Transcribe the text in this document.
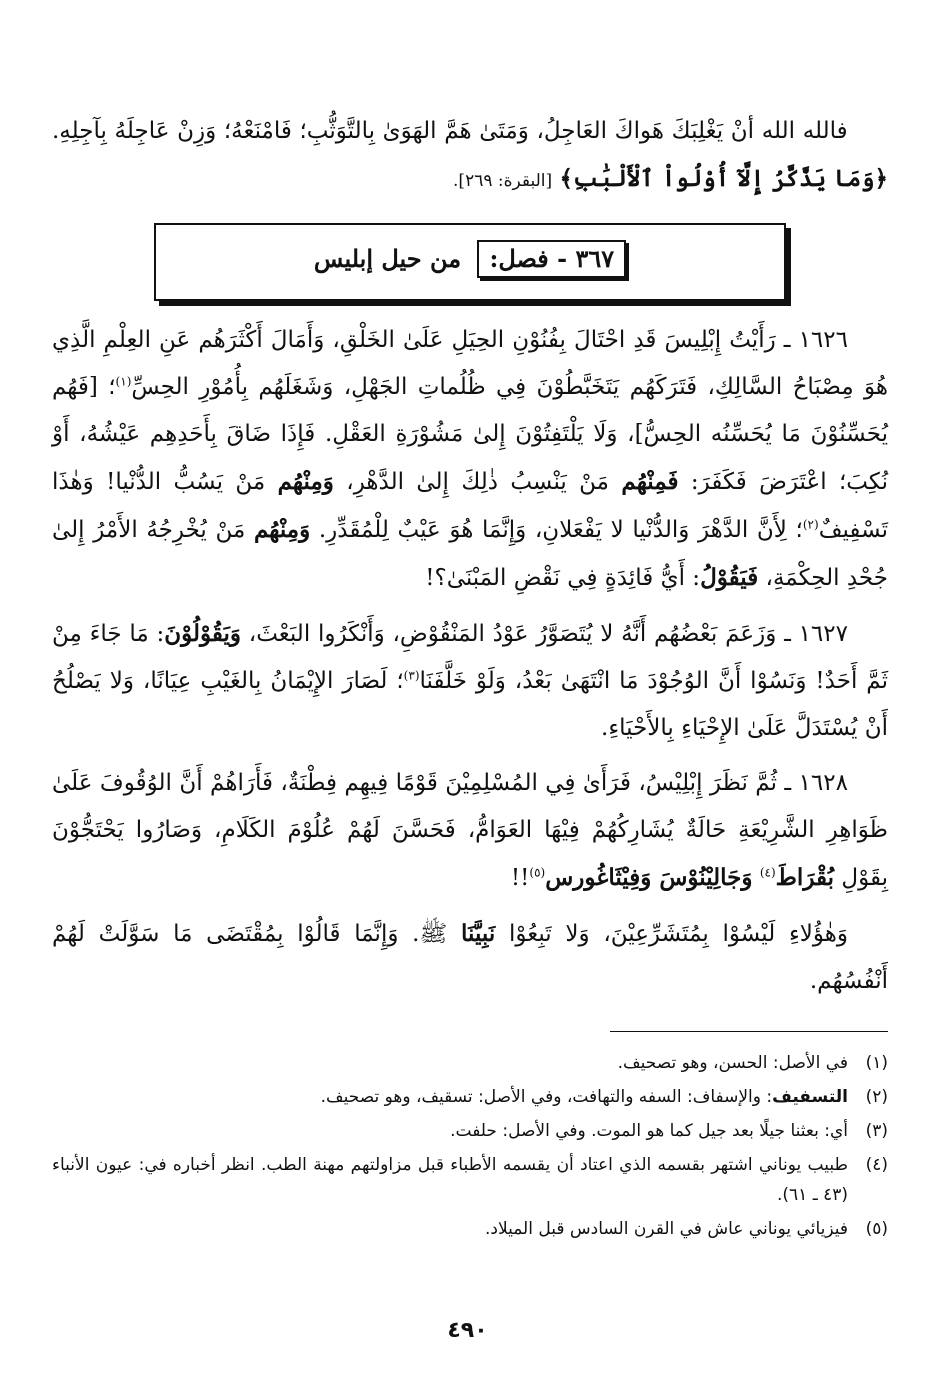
فالله الله أنْ يَغْلِبَكَ هَواكَ العَاجِلُ، وَمَتَىٰ هَمَّ الهَوَىٰ بِالتَّوَثُّبِ؛ فَامْنَعْهُ؛ وَزِنْ عَاجِلَهُ بِآجِلِهِ. ﴿وَمَا يَذَّكَّرُ إِلَّآ أُوْلُواْ ٱلْأَلْبَٰبِ﴾ [البقرة: ٢٦٩].

٣٦٧ - فصل: من حيل إبليس

١٦٢٦ ـ رَأَيْتُ إِبْلِيسَ قَدِ احْتَالَ بِفُنُوْنِ الحِيَلِ عَلَىٰ الخَلْقِ، وَأَمَالَ أَكْثَرَهُم عَنِ العِلْمِ الَّذِي هُوَ مِصْبَاحُ السَّالِكِ، فَتَرَكَهُم يَتَخَبَّطُوْنَ فِي ظُلُماتِ الجَهْلِ، وَشَغَلَهُم بِأُمُوْرِ الحِسِّ$^{(١)}$؛ [فَهُم يُحَسِّنُوْنَ مَا يُحَسِّنُه الحِسُّ]، وَلَا يَلْتَفِتُوْنَ إِلىٰ مَشُوْرَةِ العَقْلِ. فَإِذَا ضَاقَ بِأَحَدِهِم عَيْشُهُ، أَوْ نُكِبَ؛ اعْتَرَضَ فَكَفَرَ: فَمِنْهُم مَنْ يَنْسِبُ ذٰلِكَ إِلىٰ الدَّهْرِ، وَمِنْهُم مَنْ يَسُبُّ الدُّنْيا! وَهٰذَا تَسْفِيفٌ$^{(٢)}$؛ لِأَنَّ الدَّهْرَ وَالدُّنْيا لا يَفْعَلانِ، وَإِنَّمَا هُوَ عَيْبٌ لِلْمُقَدِّرِ. وَمِنْهُم مَنْ يُخْرِجُهُ الأَمْرُ إِلىٰ جُحْدِ الحِكْمَةِ، فَيَقُوْلُ: أَيُّ فَائِدَةٍ فِي نَقْضِ المَبْنَىٰ؟!

١٦٢٧ ـ وَزَعَمَ بَعْضُهُم أَنَّهُ لا يُتَصَوَّرُ عَوْدُ المَنْقُوْضِ، وَأَنْكَرُوا البَعْثَ، وَيَقُوْلُوْنَ: مَا جَاءَ مِنْ ثَمَّ أَحَدٌ! وَنَسُوْا أَنَّ الوُجُوْدَ مَا انْتَهَىٰ بَعْدُ، وَلَوْ خَلَّفَنَا$^{(٣)}$؛ لَصَارَ الإِيْمَانُ بِالغَيْبِ عِيَانًا، وَلا يَصْلُحُ أَنْ يُسْتَدَلَّ عَلَىٰ الإِحْيَاءِ بِالأَحْيَاءِ.

١٦٢٨ ـ ثُمَّ نَظَرَ إِبْلِيْسُ، فَرَأَىٰ فِي المُسْلِمِيْنَ قَوْمًا فِيهِم فِطْنَةٌ، فَأَرَاهُمْ أَنَّ الوُقُوفَ عَلَىٰ ظَوَاهِرِ الشَّرِيْعَةِ حَالَةٌ يُشَارِكُهُمْ فِيْهَا العَوَامُّ، فَحَسَّنَ لَهُمْ عُلُوْمَ الكَلَامِ، وَصَارُوا يَحْتَجُّوْنَ بِقَوْلِ بُقْرَاطَ$^{(٤)}$ وَجَالِيْنُوْسَ وَفِيْثَاغُورس$^{(٥)}$!!

وَهٰؤُلاءِ لَيْسُوْا بِمُتَشَرِّعِيْنَ، وَلا تَبِعُوْا نَبِيَّنَا ﷺ. وَإِنَّمَا قَالُوْا بِمُقْتَضَى مَا سَوَّلَتْ لَهُمْ أَنْفُسُهُم.

(١)
في الأصل: الحسن، وهو تصحيف.
(٢)
التسفيف: والإسفاف: السفه والتهافت، وفي الأصل: تسقيف، وهو تصحيف.
(٣)
أي: بعثنا جيلًا بعد جيل كما هو الموت. وفي الأصل: حلفت.
(٤)
طبيب يوناني اشتهر بقسمه الذي اعتاد أن يقسمه الأطباء قبل مزاولتهم مهنة الطب. انظر أخباره في: عيون الأنباء (٤٣ ـ ٦١).
(٥)
فيزيائي يوناني عاش في القرن السادس قبل الميلاد.
٤٩٠
